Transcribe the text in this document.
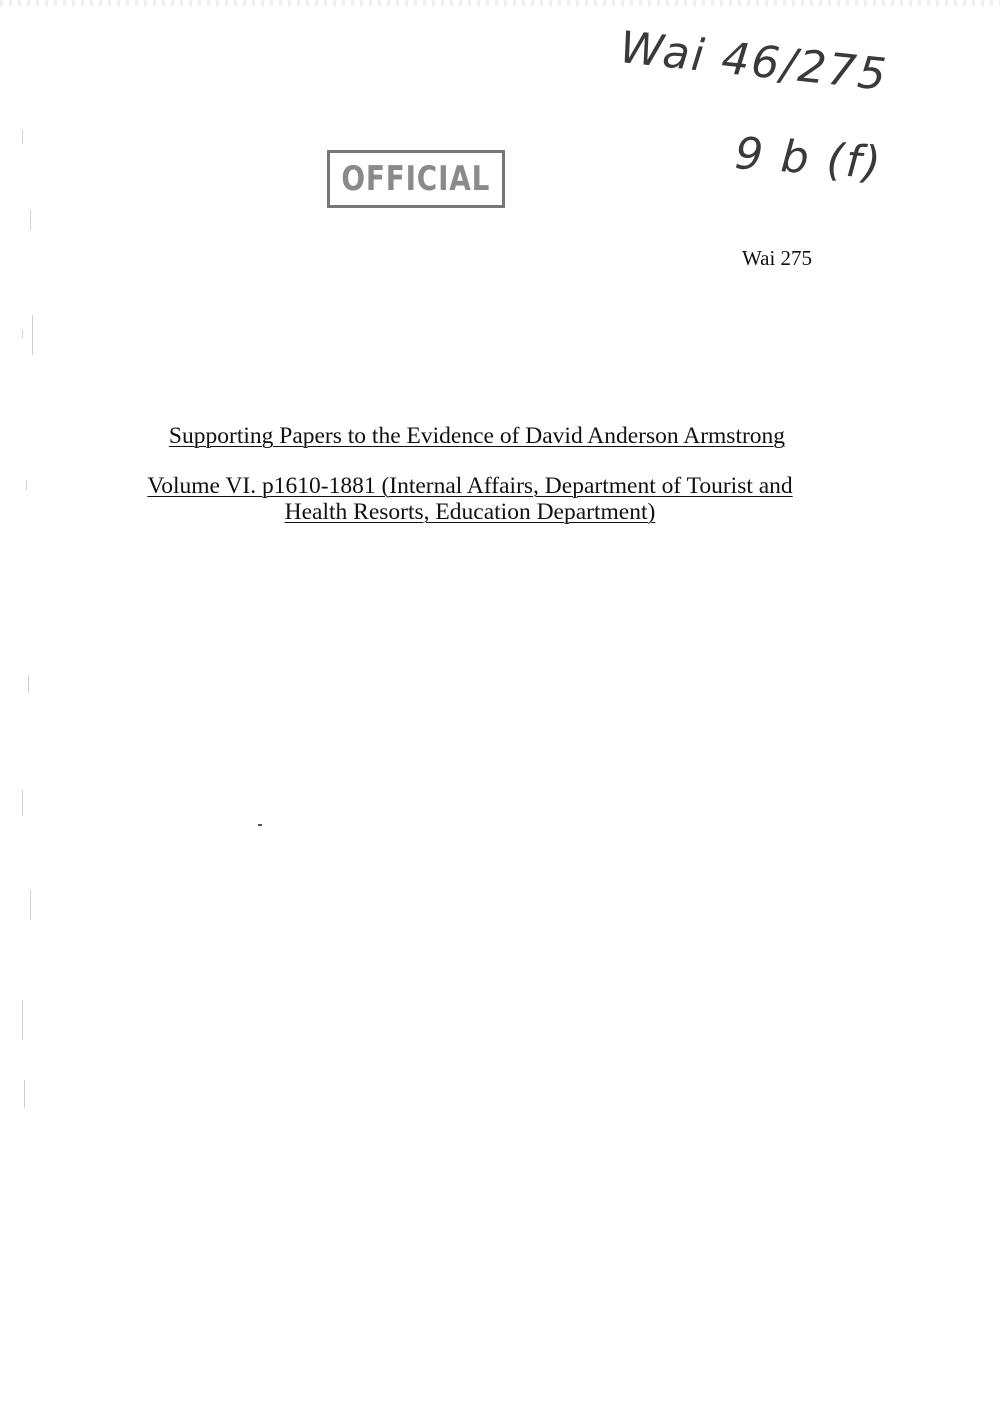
Wai 46/275
9 b (f)
OFFICIAL
Wai 275
Supporting Papers to the Evidence of David Anderson Armstrong
Volume VI. p1610-1881 (Internal Affairs, Department of Tourist and Health Resorts, Education Department)
